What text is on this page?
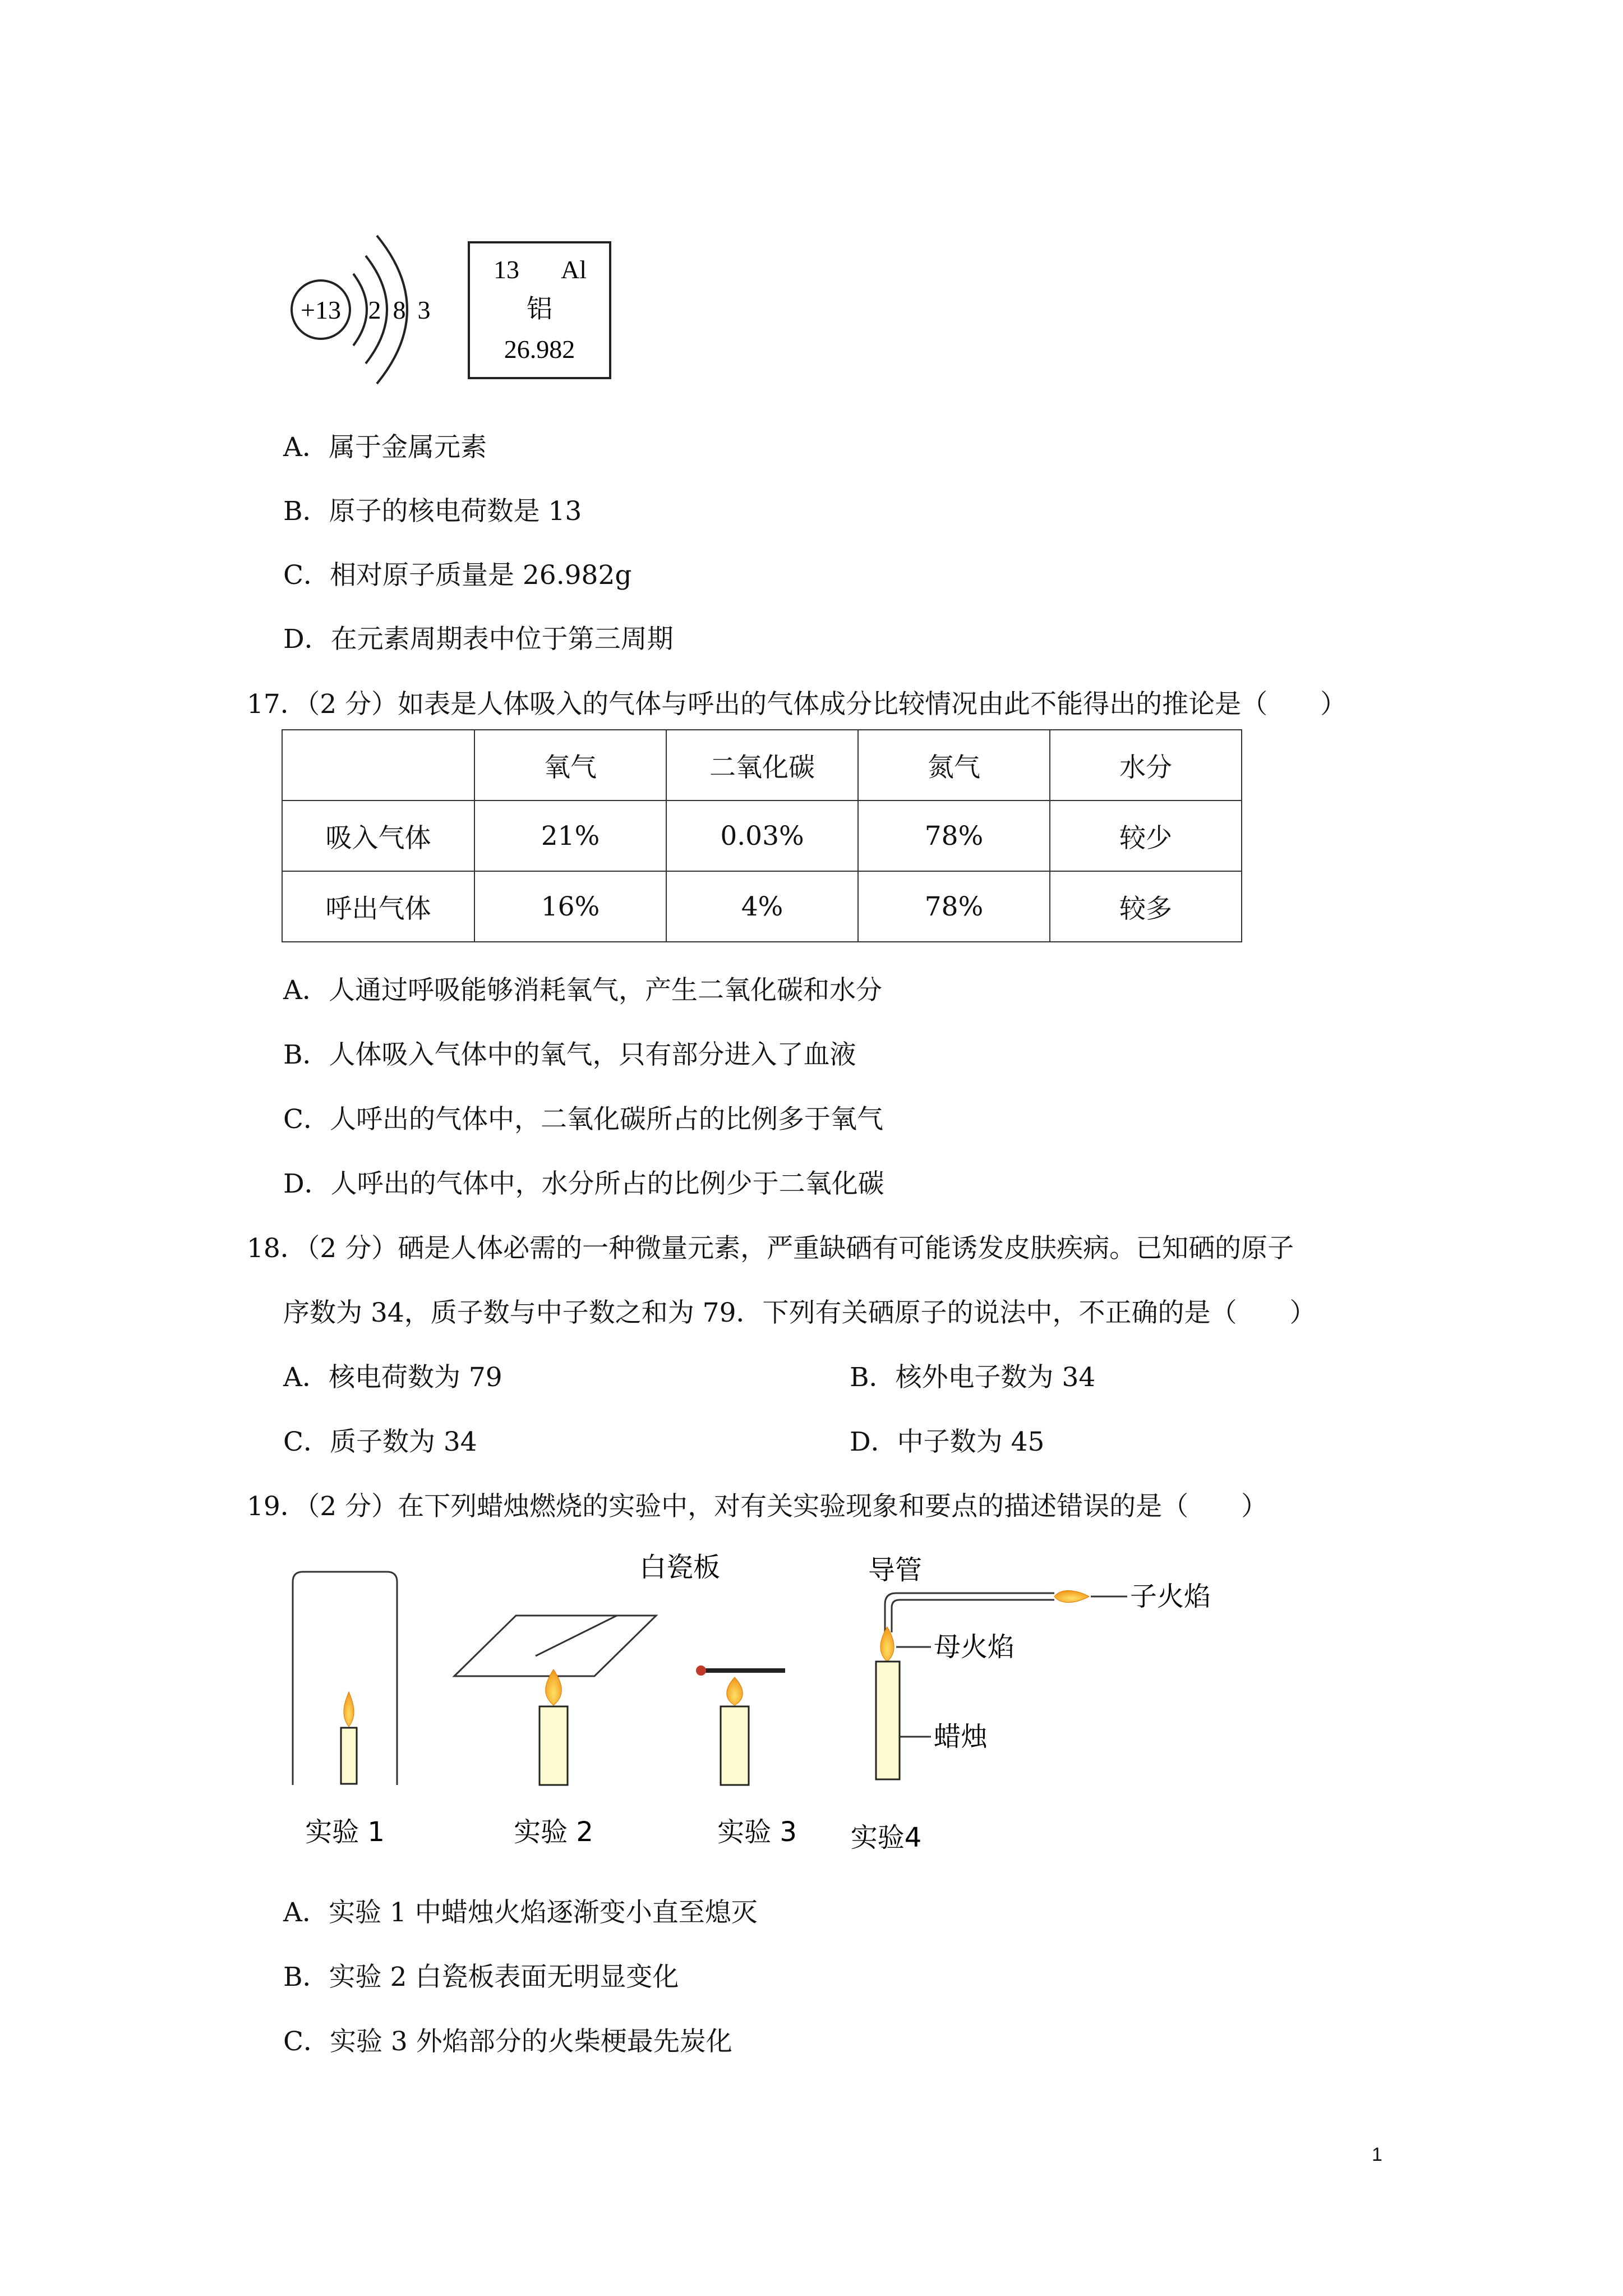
+13 2 8 3
13 Al
铝
26.982
A．属于金属元素
B．原子的核电荷数是 13
C．相对原子质量是 26.982g
D．在元素周期表中位于第三周期
17．（2 分）如表是人体吸入的气体与呼出的气体成分比较情况由此不能得出的推论是（　　）
	氧气	二氧化碳	氮气	水分
吸入气体	21%	0.03%	78%	较少
呼出气体	16%	4%	78%	较多
A．人通过呼吸能够消耗氧气，产生二氧化碳和水分
B．人体吸入气体中的氧气，只有部分进入了血液
C．人呼出的气体中，二氧化碳所占的比例多于氧气
D．人呼出的气体中，水分所占的比例少于二氧化碳
18．（2 分）硒是人体必需的一种微量元素，严重缺硒有可能诱发皮肤疾病。已知硒的原子
序数为 34，质子数与中子数之和为 79．下列有关硒原子的说法中，不正确的是（　　）
A．核电荷数为 79	B．核外电子数为 34
C．质子数为 34	D．中子数为 45
19．（2 分）在下列蜡烛燃烧的实验中，对有关实验现象和要点的描述错误的是（　　）
实验 1
白瓷板
实验 2	实验 3
导管
子火焰
母火焰
蜡烛
实验4
A．实验 1 中蜡烛火焰逐渐变小直至熄灭
B．实验 2 白瓷板表面无明显变化
C．实验 3 外焰部分的火柴梗最先炭化
1
